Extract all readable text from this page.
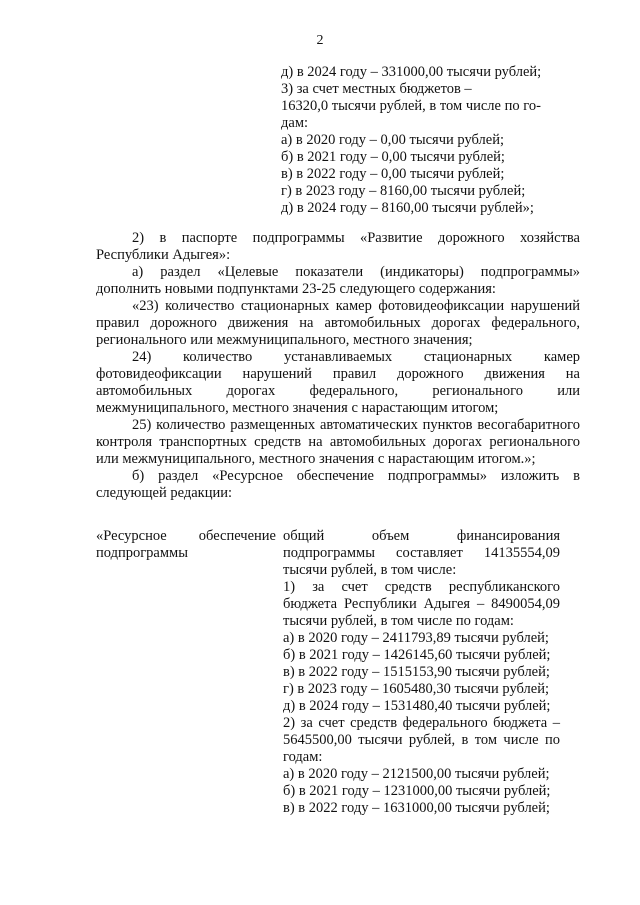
2
д) в 2024 году – 331000,00 тысячи рублей;
3) за счет местных бюджетов –
16320,0 тысячи рублей, в том числе по го-
дам:
а) в 2020 году – 0,00 тысячи рублей;
б) в 2021 году – 0,00 тысячи рублей;
в) в 2022 году – 0,00 тысячи рублей;
г) в 2023 году – 8160,00 тысячи рублей;
д) в 2024 году – 8160,00 тысячи рублей»;

2) в паспорте подпрограммы «Развитие дорожного хозяйства Республики Адыгея»:

а) раздел «Целевые показатели (индикаторы) подпрограммы» дополнить новыми подпунктами 23-25 следующего содержания:

«23) количество стационарных камер фотовидеофиксации нарушений правил дорожного движения на автомобильных дорогах федерального, регионального или межмуниципального, местного значения;

24) количество устанавливаемых стационарных камер фотовидеофиксации нарушений правил дорожного движения на автомобильных дорогах федерального, регионального или межмуниципального, местного значения с нарастающим итогом;

25) количество размещенных автоматических пунктов весогабаритного контроля транспортных средств на автомобильных дорогах регионального или межмуниципального, местного значения с нарастающим итогом.»;

б) раздел «Ресурсное обеспечение подпрограммы» изложить в следующей редакции:

«Ресурсное обеспечение подпрограммы

общий объем финансирования подпрограммы составляет 14135554,09 тысячи рублей, в том числе:

1) за счет средств республиканского бюджета Республики Адыгея – 8490054,09 тысячи рублей, в том числе по годам:

а) в 2020 году – 2411793,89 тысячи рублей;
б) в 2021 году – 1426145,60 тысячи рублей;
в) в 2022 году – 1515153,90 тысячи рублей;
г) в 2023 году – 1605480,30 тысячи рублей;
д) в 2024 году – 1531480,40 тысячи рублей;

2) за счет средств федерального бюджета – 5645500,00 тысячи рублей, в том числе по годам:

а) в 2020 году – 2121500,00 тысячи рублей;
б) в 2021 году – 1231000,00 тысячи рублей;
в) в 2022 году – 1631000,00 тысячи рублей;
